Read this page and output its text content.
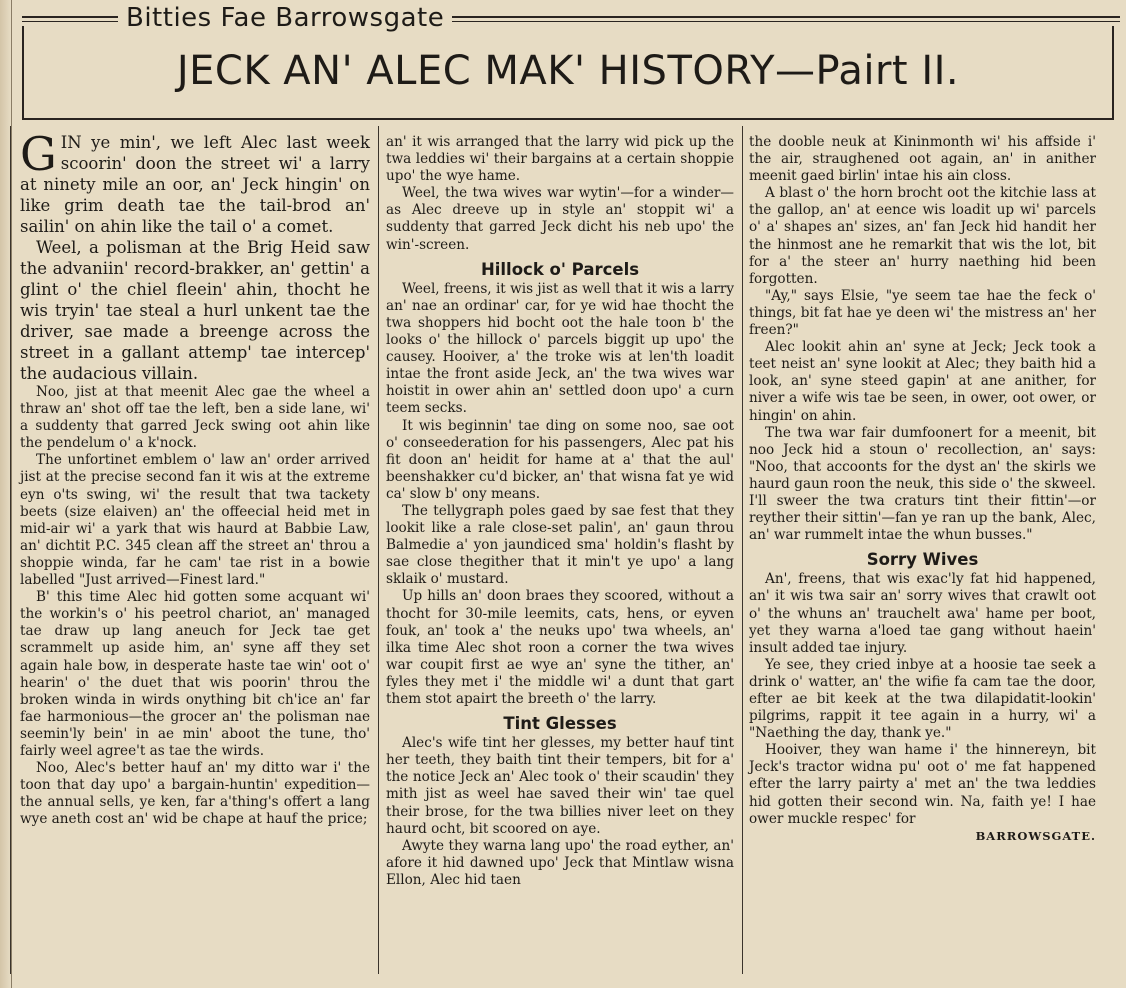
Bitties Fae Barrowsgate
JECK AN' ALEC MAK' HISTORY—Pairt II.

GIN ye min', we left Alec last week scoorin' doon the street wi' a larry at ninety mile an oor, an' Jeck hingin' on like grim death tae the tail-brod an' sailin' on ahin like the tail o' a comet.

Weel, a polisman at the Brig Heid saw the advaniin' record-brakker, an' gettin' a glint o' the chiel fleein' ahin, thocht he wis tryin' tae steal a hurl unkent tae the driver, sae made a breenge across the street in a gallant attemp' tae intercep' the audacious villain.

Noo, jist at that meenit Alec gae the wheel a thraw an' shot off tae the left, ben a side lane, wi' a suddenty that garred Jeck swing oot ahin like the pendelum o' a k'nock.

The unfortinet emblem o' law an' order arrived jist at the precise second fan it wis at the extreme eyn o'ts swing, wi' the result that twa tackety beets (size elaiven) an' the offeecial heid met in mid-air wi' a yark that wis haurd at Babbie Law, an' dichtit P.C. 345 clean aff the street an' throu a shoppie winda, far he cam' tae rist in a bowie labelled "Just arrived—Finest lard."

B' this time Alec hid gotten some acquant wi' the workin's o' his peetrol chariot, an' managed tae draw up lang aneuch for Jeck tae get scrammelt up aside him, an' syne aff they set again hale bow, in desperate haste tae win' oot o' hearin' o' the duet that wis poorin' throu the broken winda in wirds onything bit ch'ice an' far fae harmonious—the grocer an' the polisman nae seemin'ly bein' in ae min' aboot the tune, tho' fairly weel agree't as tae the wirds.

Noo, Alec's better hauf an' my ditto war i' the toon that day upo' a bargain-huntin' expedition—the annual sells, ye ken, far a'thing's offert a lang wye aneth cost an' wid be chape at hauf the price;

an' it wis arranged that the larry wid pick up the twa leddies wi' their bargains at a certain shoppie upo' the wye hame.

Weel, the twa wives war wytin'—for a winder—as Alec dreeve up in style an' stoppit wi' a suddenty that garred Jeck dicht his neb upo' the win'-screen.

Hillock o' Parcels

Weel, freens, it wis jist as well that it wis a larry an' nae an ordinar' car, for ye wid hae thocht the twa shoppers hid bocht oot the hale toon b' the looks o' the hillock o' parcels biggit up upo' the causey. Hooiver, a' the troke wis at len'th loadit intae the front aside Jeck, an' the twa wives war hoistit in ower ahin an' settled doon upo' a curn teem secks.

It wis beginnin' tae ding on some noo, sae oot o' conseederation for his passengers, Alec pat his fit doon an' heidit for hame at a' that the aul' beenshakker cu'd bicker, an' that wisna fat ye wid ca' slow b' ony means.

The tellygraph poles gaed by sae fest that they lookit like a rale close-set palin', an' gaun throu Balmedie a' yon jaundiced sma' holdin's flasht by sae close thegither that it min't ye upo' a lang sklaik o' mustard.

Up hills an' doon braes they scoored, without a thocht for 30-mile leemits, cats, hens, or eyven fouk, an' took a' the neuks upo' twa wheels, an' ilka time Alec shot roon a corner the twa wives war coupit first ae wye an' syne the tither, an' fyles they met i' the middle wi' a dunt that gart them stot apairt the breeth o' the larry.

Tint Glesses

Alec's wife tint her glesses, my better hauf tint her teeth, they baith tint their tempers, bit for a' the notice Jeck an' Alec took o' their scaudin' they mith jist as weel hae saved their win' tae quel their brose, for the twa billies niver leet on they haurd ocht, bit scoored on aye.

Awyte they warna lang upo' the road eyther, an' afore it hid dawned upo' Jeck that Mintlaw wisna Ellon, Alec hid taen

the dooble neuk at Kininmonth wi' his affside i' the air, straughened oot again, an' in anither meenit gaed birlin' intae his ain closs.

A blast o' the horn brocht oot the kitchie lass at the gallop, an' at eence wis loadit up wi' parcels o' a' shapes an' sizes, an' fan Jeck hid handit her the hinmost ane he remarkit that wis the lot, bit for a' the steer an' hurry naething hid been forgotten.

"Ay," says Elsie, "ye seem tae hae the feck o' things, bit fat hae ye deen wi' the mistress an' her freen?"

Alec lookit ahin an' syne at Jeck; Jeck took a teet neist an' syne lookit at Alec; they baith hid a look, an' syne steed gapin' at ane anither, for niver a wife wis tae be seen, in ower, oot ower, or hingin' on ahin.

The twa war fair dumfoonert for a meenit, bit noo Jeck hid a stoun o' recollection, an' says: "Noo, that accoonts for the dyst an' the skirls we haurd gaun roon the neuk, this side o' the skweel. I'll sweer the twa craturs tint their fittin'—or reyther their sittin'—fan ye ran up the bank, Alec, an' war rummelt intae the whun busses."

Sorry Wives

An', freens, that wis exac'ly fat hid happened, an' it wis twa sair an' sorry wives that crawlt oot o' the whuns an' trauchelt awa' hame per boot, yet they warna a'loed tae gang without haein' insult added tae injury.

Ye see, they cried inbye at a hoosie tae seek a drink o' watter, an' the wifie fa cam tae the door, efter ae bit keek at the twa dilapidatit-lookin' pilgrims, rappit it tee again in a hurry, wi' a "Naething the day, thank ye."

Hooiver, they wan hame i' the hinnereyn, bit Jeck's tractor widna pu' oot o' me fat happened efter the larry pairty a' met an' the twa leddies hid gotten their second win. Na, faith ye! I hae ower muckle respec' for

BARROWSGATE.
